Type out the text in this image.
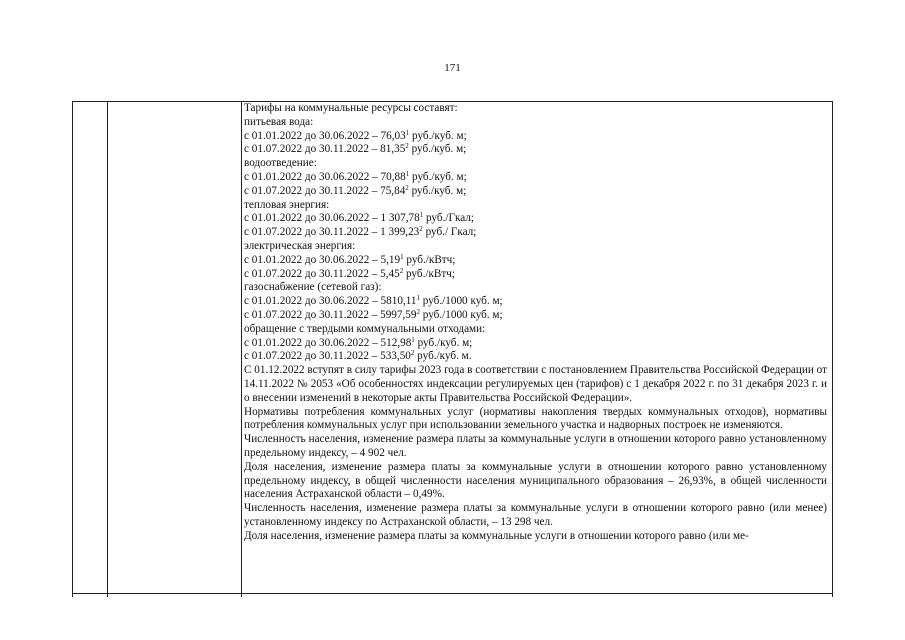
171
Тарифы на коммунальные ресурсы составят:
питьевая вода:
с 01.01.2022 до 30.06.2022 – 76,03$^1$ руб./куб. м;
с 01.07.2022 до 30.11.2022 – 81,35$^2$ руб./куб. м;
водоотведение:
с 01.01.2022 до 30.06.2022 – 70,88$^1$ руб./куб. м;
с 01.07.2022 до 30.11.2022 – 75,84$^2$ руб./куб. м;
тепловая энергия:
с 01.01.2022 до 30.06.2022 – 1 307,78$^1$ руб./Гкал;
с 01.07.2022 до 30.11.2022 – 1 399,23$^2$ руб./ Гкал;
электрическая энергия:
с 01.01.2022 до 30.06.2022 – 5,19$^1$ руб./кВтч;
с 01.07.2022 до 30.11.2022 – 5,45$^2$ руб./кВтч;
газоснабжение (сетевой газ):
с 01.01.2022 до 30.06.2022 – 5810,11$^1$ руб./1000 куб. м;
с 01.07.2022 до 30.11.2022 – 5997,59$^2$ руб./1000 куб. м;
обращение с твердыми коммунальными отходами:
с 01.01.2022 до 30.06.2022 – 512,98$^1$ руб./куб. м;
с 01.07.2022 до 30.11.2022 – 533,50$^2$ руб./куб. м.
С 01.12.2022 вступят в силу тарифы 2023 года в соответствии с постановлением Правительства Российской Федерации от 14.11.2022 № 2053 «Об особенностях индексации регулируемых цен (тарифов) с 1 декабря 2022 г. по 31 декабря 2023 г. и о внесении изменений в некоторые акты Правительства Российской Федерации».
Нормативы потребления коммунальных услуг (нормативы накопления твердых коммунальных отходов), нормативы потребления коммунальных услуг при использовании земельного участка и надворных построек не изменяются.
Численность населения, изменение размера платы за коммунальные услуги в отношении которого равно установленному предельному индексу, – 4 902 чел.
Доля населения, изменение размера платы за коммунальные услуги в отношении которого равно установленному предельному индексу, в общей численности населения муниципального образования – 26,93%, в общей численности населения Астраханской области – 0,49%.
Численность населения, изменение размера платы за коммунальные услуги в отношении которого равно (или менее) установленному индексу по Астраханской области, – 13 298 чел.
Доля населения, изменение размера платы за коммунальные услуги в отношении которого равно (или ме-
